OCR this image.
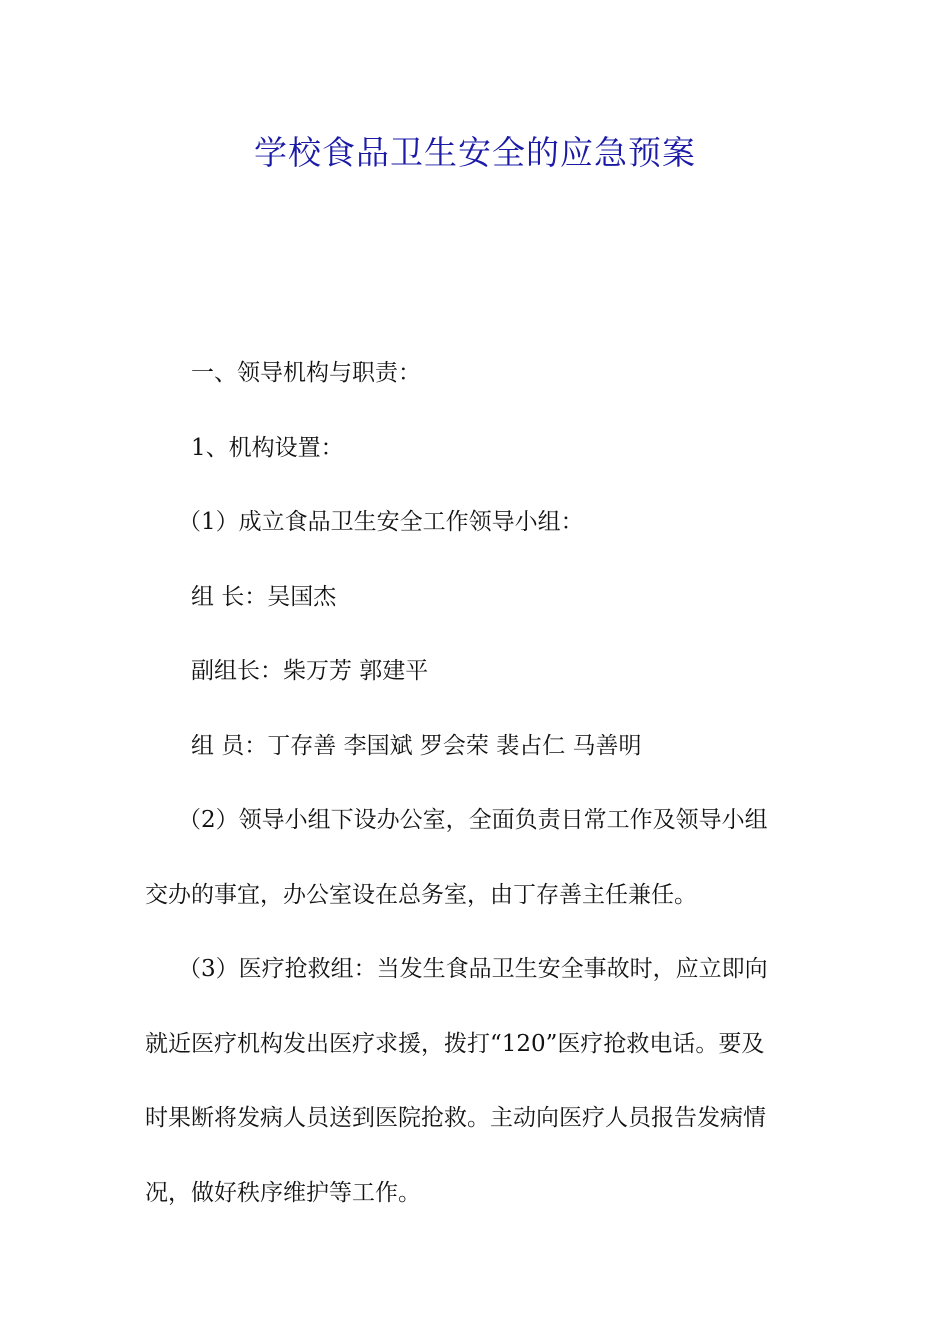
学校食品卫生安全的应急预案

一、领导机构与职责：

1、机构设置：

（1）成立食品卫生安全工作领导小组：

组 长：吴国杰

副组长：柴万芳 郭建平

组 员：丁存善 李国斌 罗会荣 裴占仁 马善明

（2）领导小组下设办公室，全面负责日常工作及领导小组

交办的事宜，办公室设在总务室，由丁存善主任兼任。

（3）医疗抢救组：当发生食品卫生安全事故时，应立即向

就近医疗机构发出医疗求援，拨打“120”医疗抢救电话。要及

时果断将发病人员送到医院抢救。主动向医疗人员报告发病情

况，做好秩序维护等工作。
